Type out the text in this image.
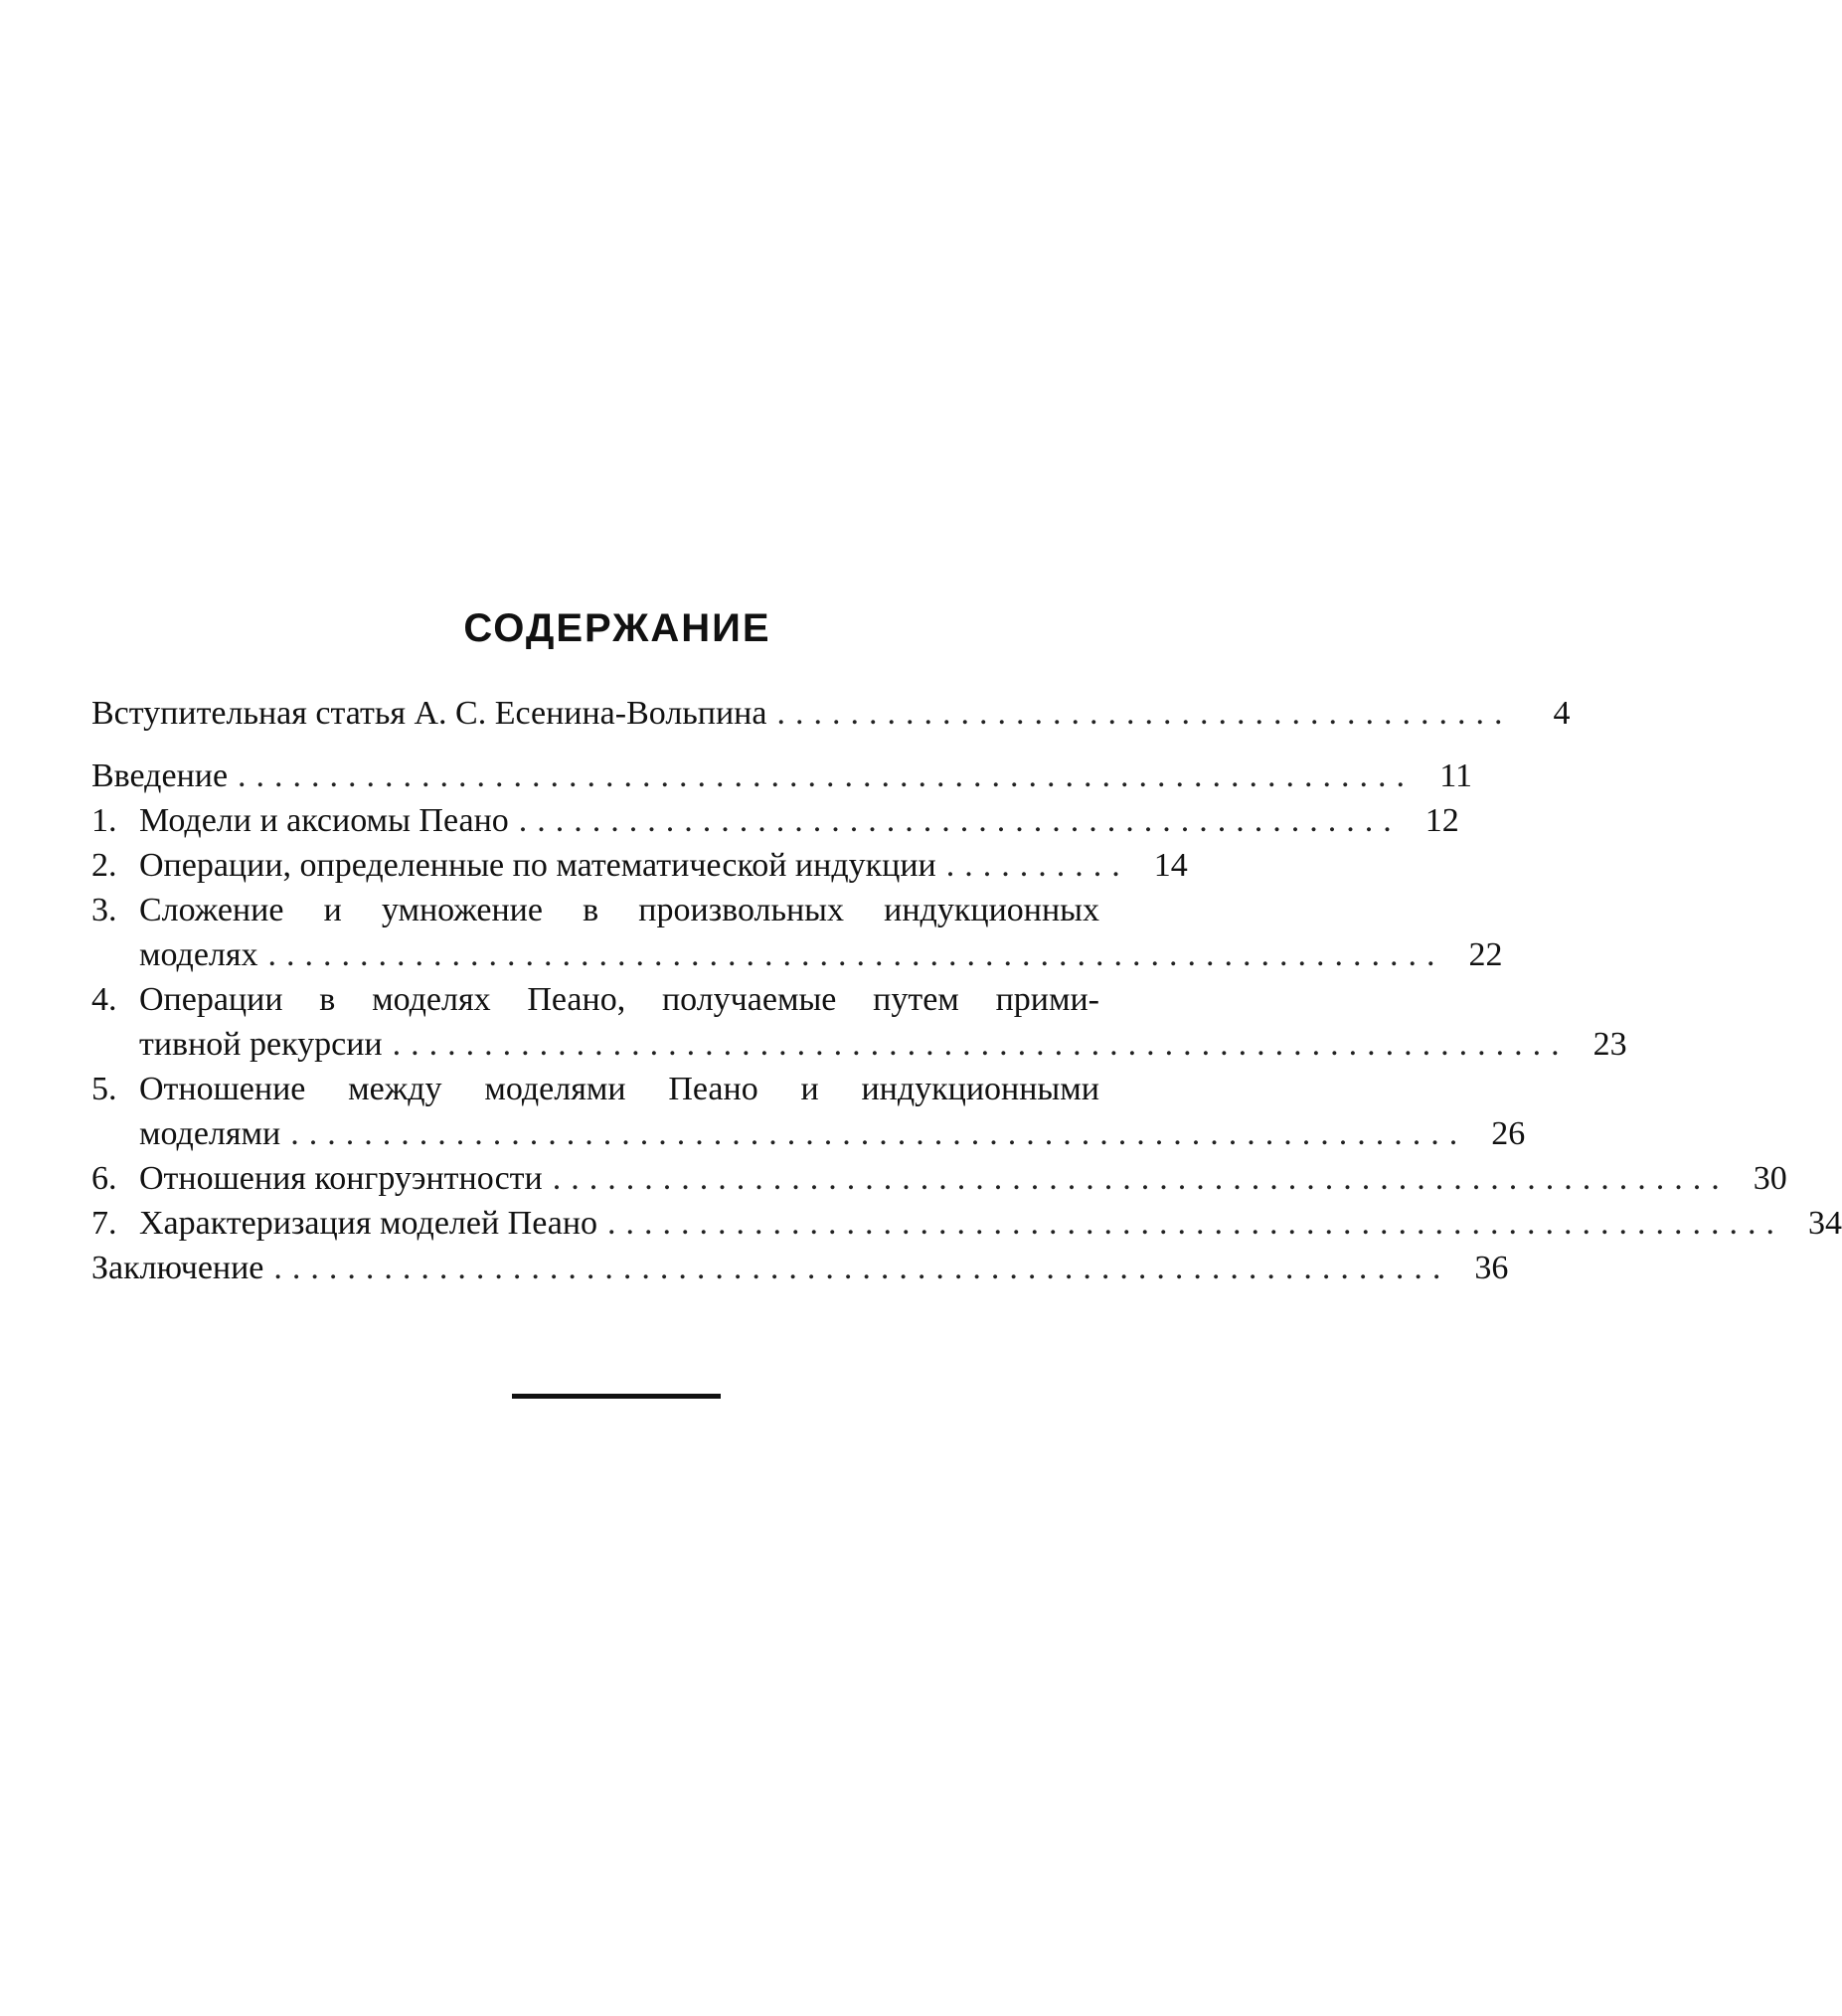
СОДЕРЖАНИЕ
Вступительная статья А. С. Есенина-Вольпина ........................................	4
Введение ................................................................ 11
1. Модели и аксиомы Пеано ................................................ 12
2. Операции, определенные по математической индукции .......... 14
3. Сложение и умножение в произвольных индукционных
моделях ................................................................ 22
4. Операции в моделях Пеано, получаемые путем прими-
тивной рекурсии ................................................................ 23
5. Отношение между моделями Пеано и индукционными
моделями ................................................................ 26
6. Отношения конгруэнтности ................................................................ 30
7. Характеризация моделей Пеано ................................................................ 34
Заключение ................................................................ 36
